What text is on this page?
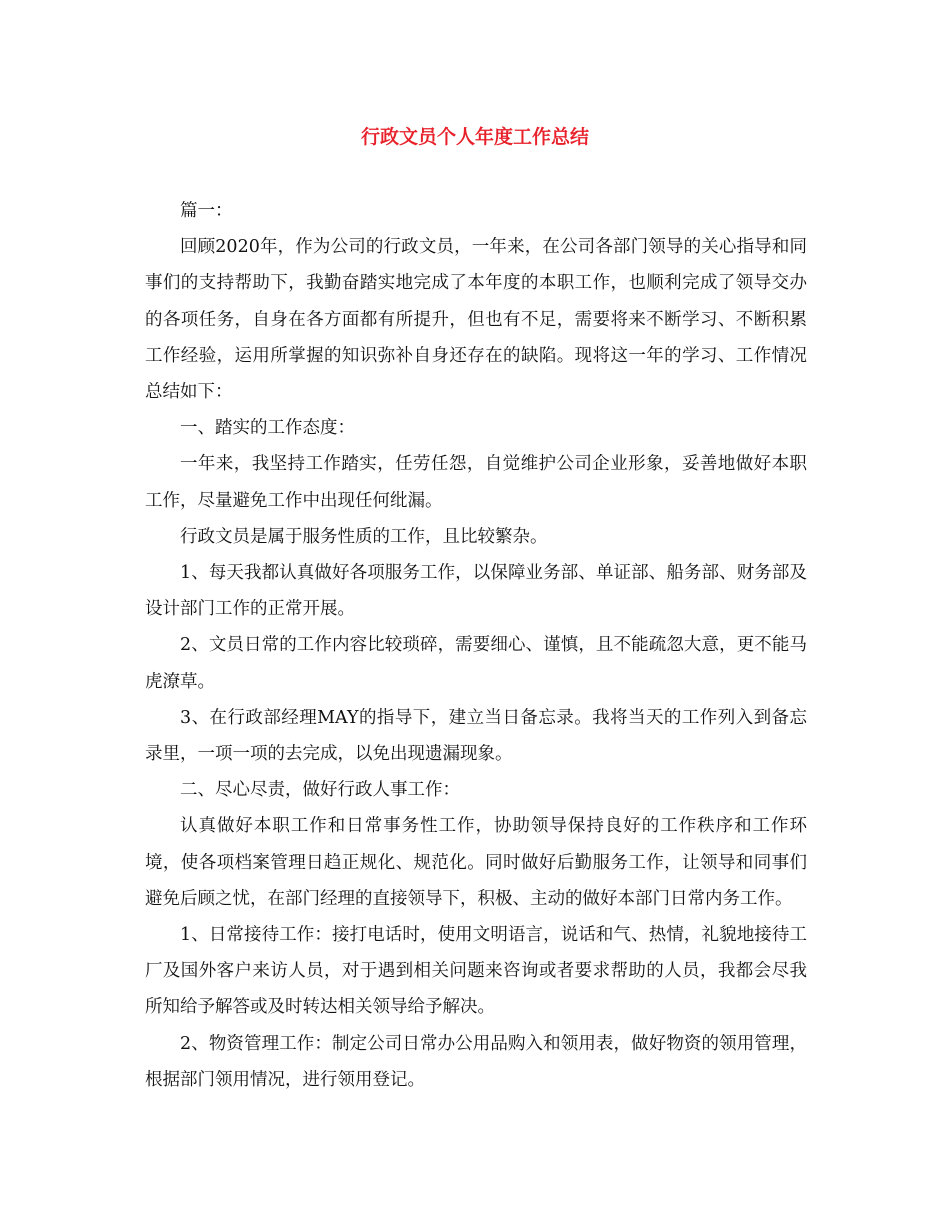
行政文员个人年度工作总结

篇一：

回顾2020年，作为公司的行政文员，一年来，在公司各部门领导的关心指导和同事们的支持帮助下，我勤奋踏实地完成了本年度的本职工作，也顺利完成了领导交办的各项任务，自身在各方面都有所提升，但也有不足，需要将来不断学习、不断积累工作经验，运用所掌握的知识弥补自身还存在的缺陷。现将这一年的学习、工作情况总结如下：

一、踏实的工作态度：

一年来，我坚持工作踏实，任劳任怨，自觉维护公司企业形象，妥善地做好本职工作，尽量避免工作中出现任何纰漏。

行政文员是属于服务性质的工作，且比较繁杂。

1、每天我都认真做好各项服务工作，以保障业务部、单证部、船务部、财务部及设计部门工作的正常开展。

2、文员日常的工作内容比较琐碎，需要细心、谨慎，且不能疏忽大意，更不能马虎潦草。

3、在行政部经理MAY的指导下，建立当日备忘录。我将当天的工作列入到备忘录里，一项一项的去完成，以免出现遗漏现象。

二、尽心尽责，做好行政人事工作：

认真做好本职工作和日常事务性工作，协助领导保持良好的工作秩序和工作环境，使各项档案管理日趋正规化、规范化。同时做好后勤服务工作，让领导和同事们避免后顾之忧，在部门经理的直接领导下，积极、主动的做好本部门日常内务工作。

1、日常接待工作：接打电话时，使用文明语言，说话和气、热情，礼貌地接待工厂及国外客户来访人员，对于遇到相关问题来咨询或者要求帮助的人员，我都会尽我所知给予解答或及时转达相关领导给予解决。

2、物资管理工作：制定公司日常办公用品购入和领用表，做好物资的领用管理，根据部门领用情况，进行领用登记。
